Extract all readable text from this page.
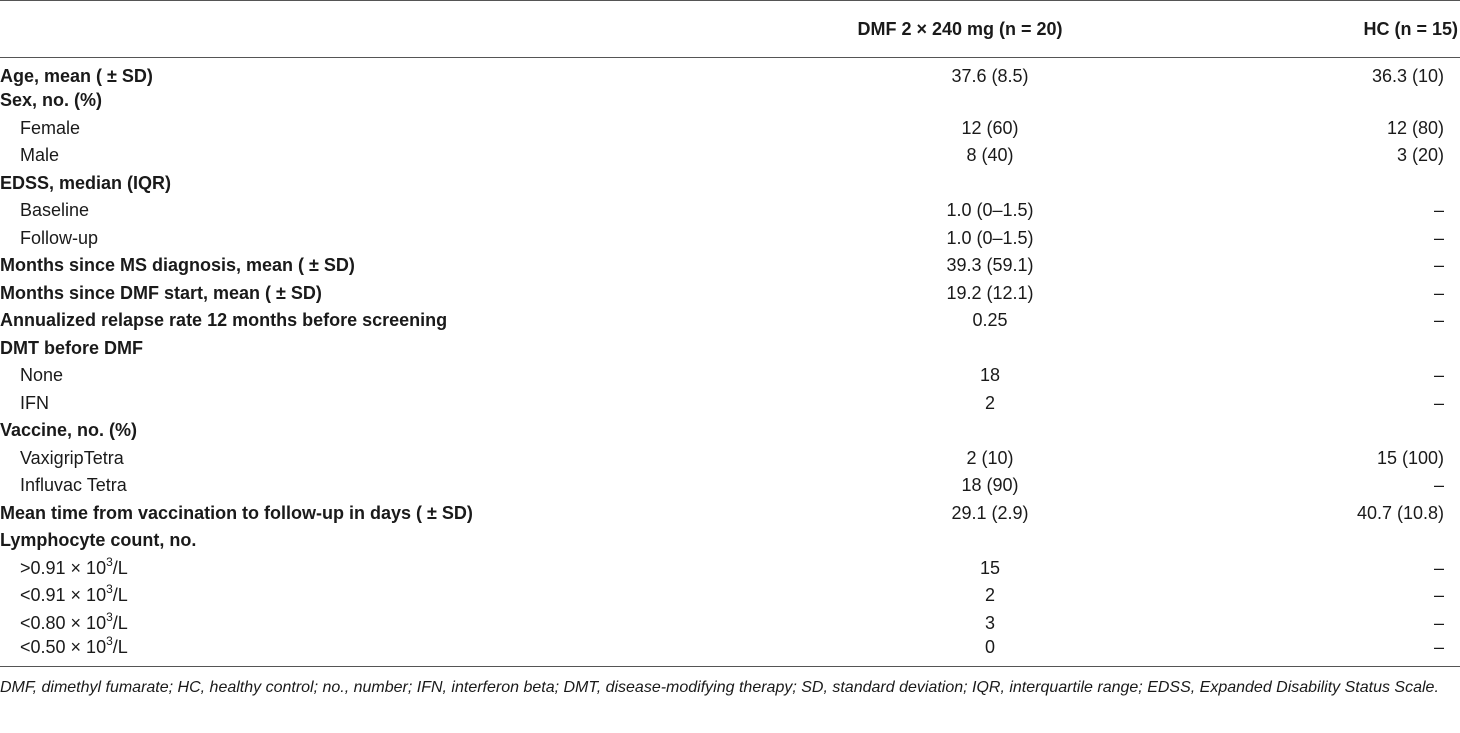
	DMF 2 × 240 mg (n = 20)	HC (n = 15)
Age, mean ( ± SD)	37.6 (8.5)	36.3 (10)
Sex, no. (%)		
Female	12 (60)	12 (80)
Male	8 (40)	3 (20)
EDSS, median (IQR)		
Baseline	1.0 (0–1.5)	–
Follow-up	1.0 (0–1.5)	–
Months since MS diagnosis, mean ( ± SD)	39.3 (59.1)	–
Months since DMF start, mean ( ± SD)	19.2 (12.1)	–
Annualized relapse rate 12 months before screening	0.25	–
DMT before DMF		
None	18	–
IFN	2	–
Vaccine, no. (%)		
VaxigripTetra	2 (10)	15 (100)
Influvac Tetra	18 (90)	–
Mean time from vaccination to follow-up in days ( ± SD)	29.1 (2.9)	40.7 (10.8)
Lymphocyte count, no.		
$>0.91 \times 10^3/L$	15	–
$<0.91 \times 10^3/L$	2	–
$<0.80 \times 10^3/L$	3	–
$<0.50 \times 10^3/L$	0	–
DMF, dimethyl fumarate; HC, healthy control; no., number; IFN, interferon beta; DMT, disease-modifying therapy; SD, standard deviation; IQR, interquartile range; EDSS, Expanded Disability Status Scale.
